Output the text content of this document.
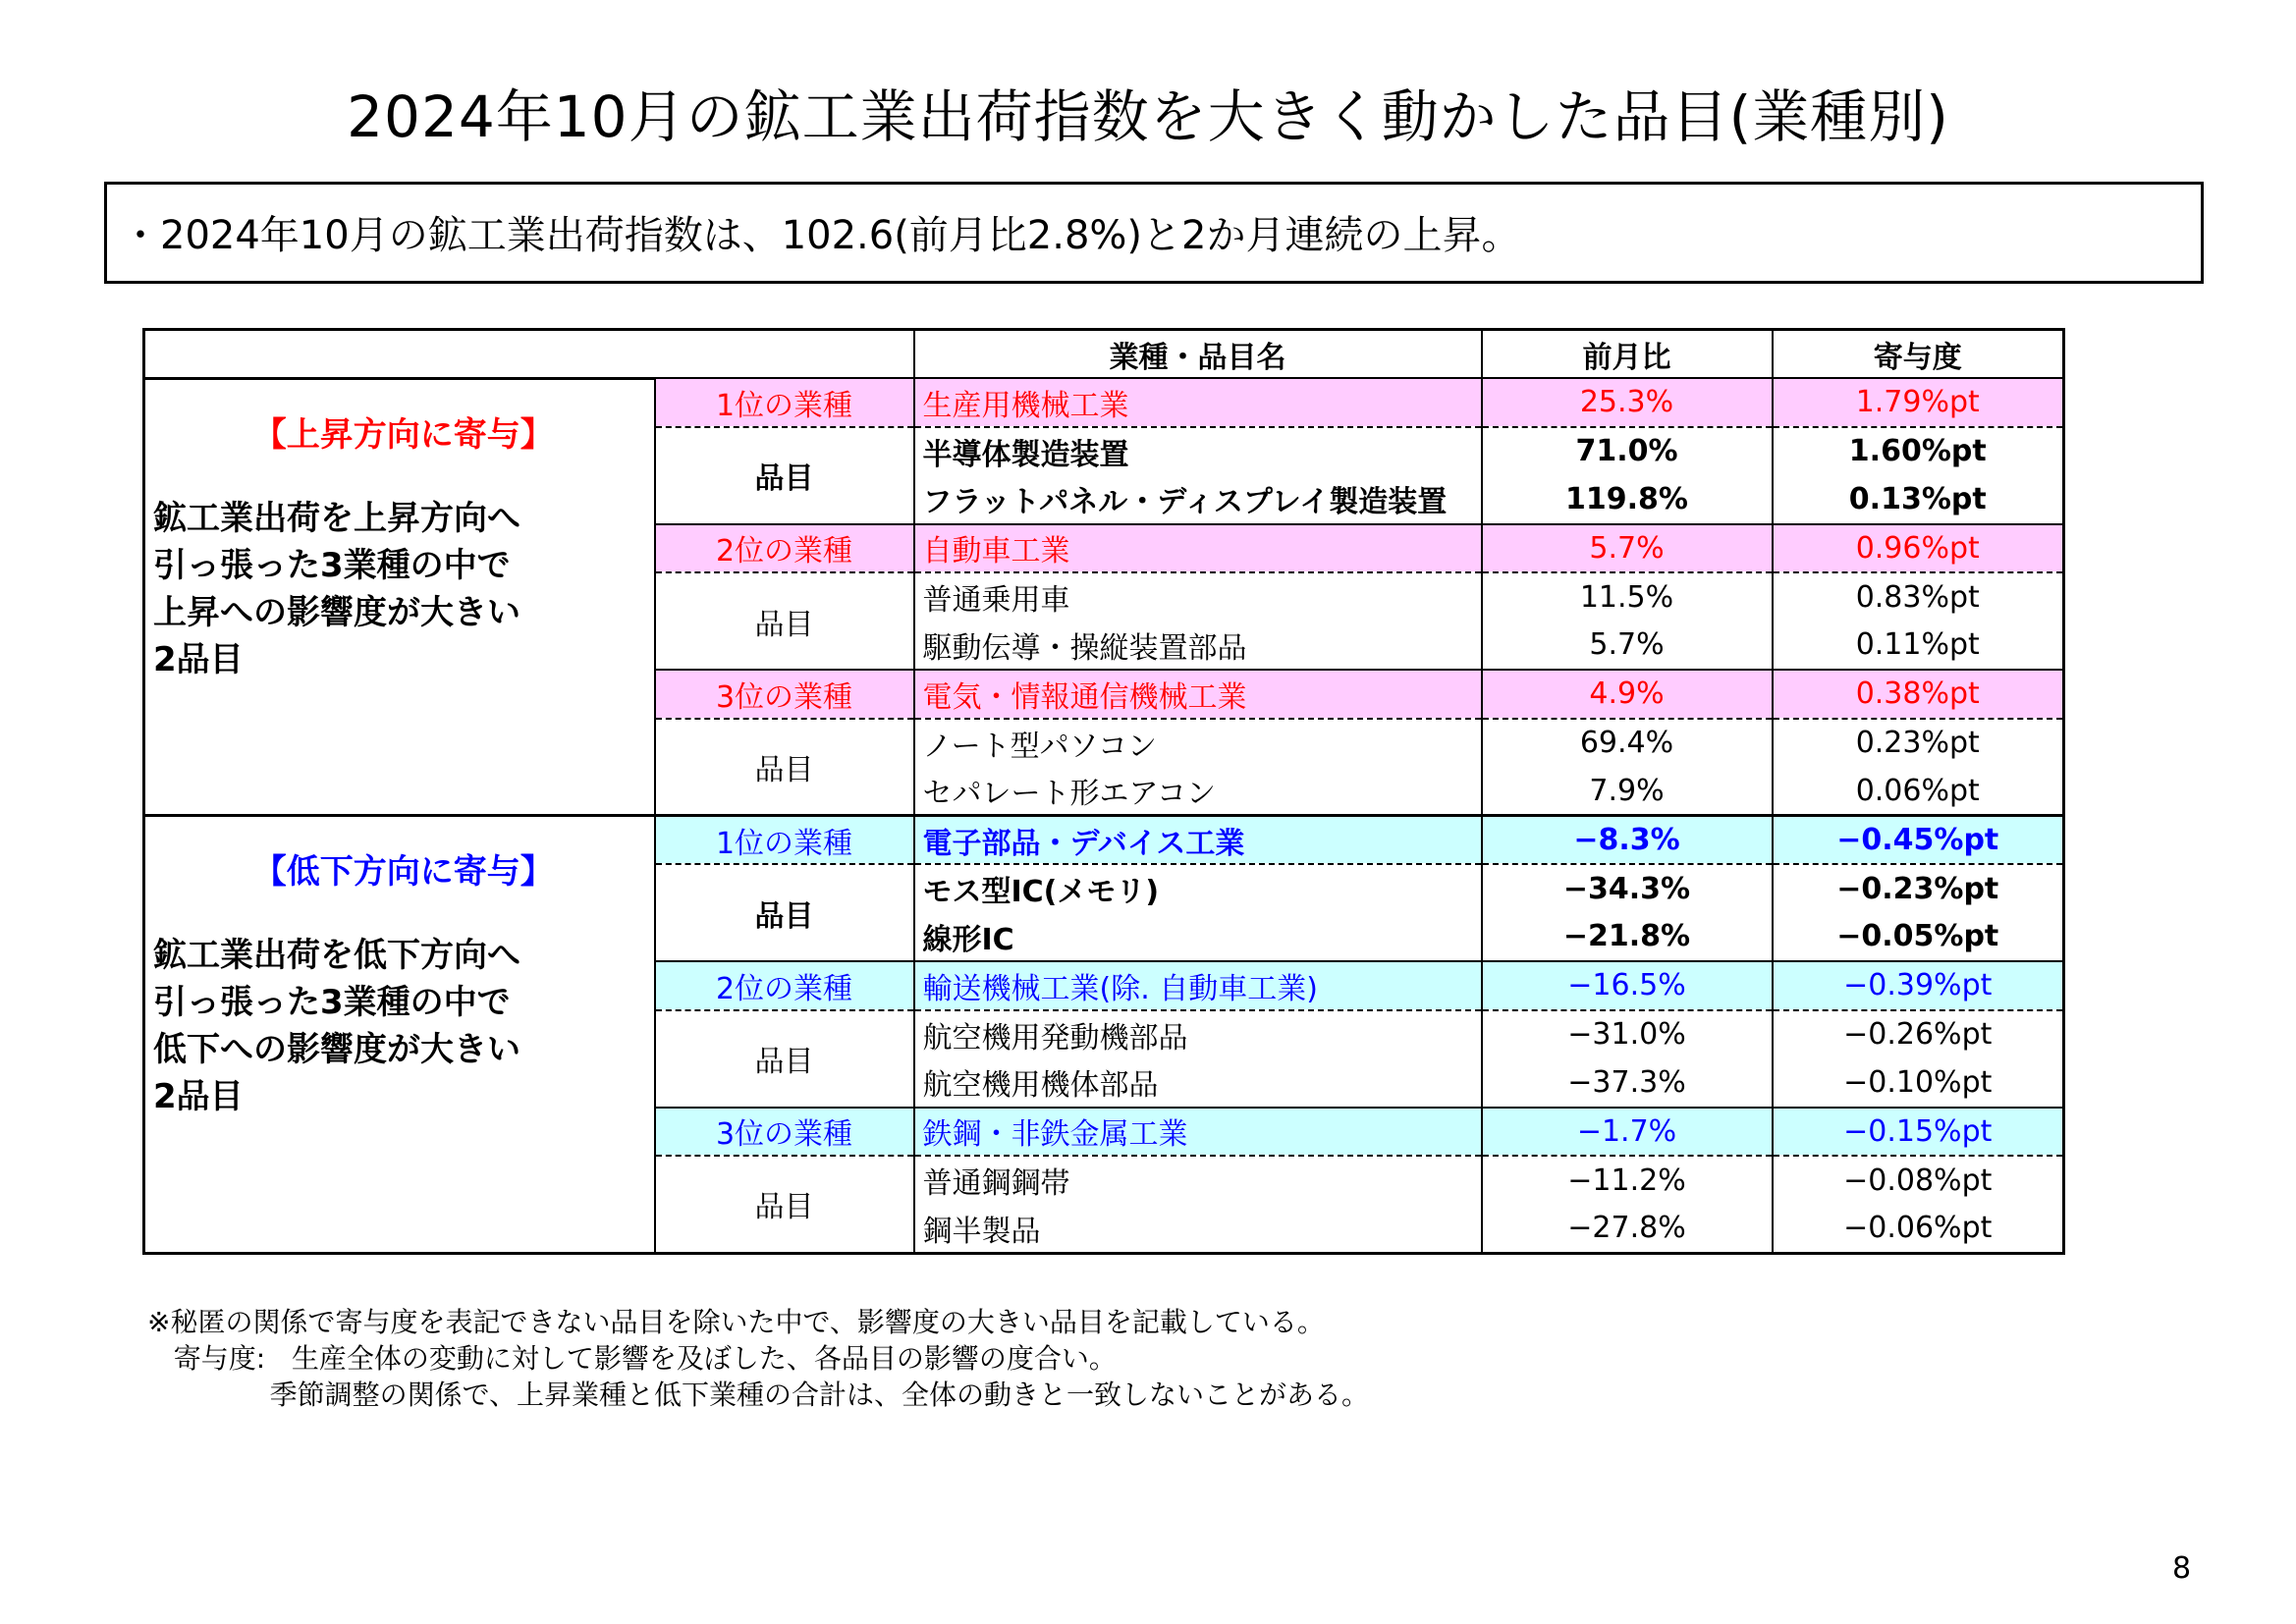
2024年10月の鉱工業出荷指数を大きく動かした品目(業種別)
・2024年10月の鉱工業出荷指数は、102.6(前月比2.8%)と2か月連続の上昇。
		業種・品目名	前月比	寄与度

【上昇方向に寄与】
鉱工業出荷を上昇方向へ
引っ張った3業種の中で
上昇への影響度が大きい
2品目	1位の業種	生産用機械工業	25.3%	1.79%pt
	品目	半導体製造装置	71.0%	1.60%pt
		フラットパネル・ディスプレイ製造装置	119.8%	0.13%pt
	2位の業種	自動車工業	5.7%	0.96%pt
	品目	普通乗用車	11.5%	0.83%pt
		駆動伝導・操縦装置部品	5.7%	0.11%pt
	3位の業種	電気・情報通信機械工業	4.9%	0.38%pt
	品目	ノート型パソコン	69.4%	0.23%pt
		セパレート形エアコン	7.9%	0.06%pt

【低下方向に寄与】
鉱工業出荷を低下方向へ
引っ張った3業種の中で
低下への影響度が大きい
2品目	1位の業種	電子部品・デバイス工業	−8.3%	−0.45%pt
	品目	モス型IC(メモリ)	−34.3%	−0.23%pt
		線形IC	−21.8%	−0.05%pt
	2位の業種	輸送機械工業(除. 自動車工業)	−16.5%	−0.39%pt
	品目	航空機用発動機部品	−31.0%	−0.26%pt
		航空機用機体部品	−37.3%	−0.10%pt
	3位の業種	鉄鋼・非鉄金属工業	−1.7%	−0.15%pt
	品目	普通鋼鋼帯	−11.2%	−0.08%pt
		鋼半製品	−27.8%	−0.06%pt
※秘匿の関係で寄与度を表記できない品目を除いた中で、影響度の大きい品目を記載している。
寄与度: 生産全体の変動に対して影響を及ぼした、各品目の影響の度合い。
季節調整の関係で、上昇業種と低下業種の合計は、全体の動きと一致しないことがある。
8
